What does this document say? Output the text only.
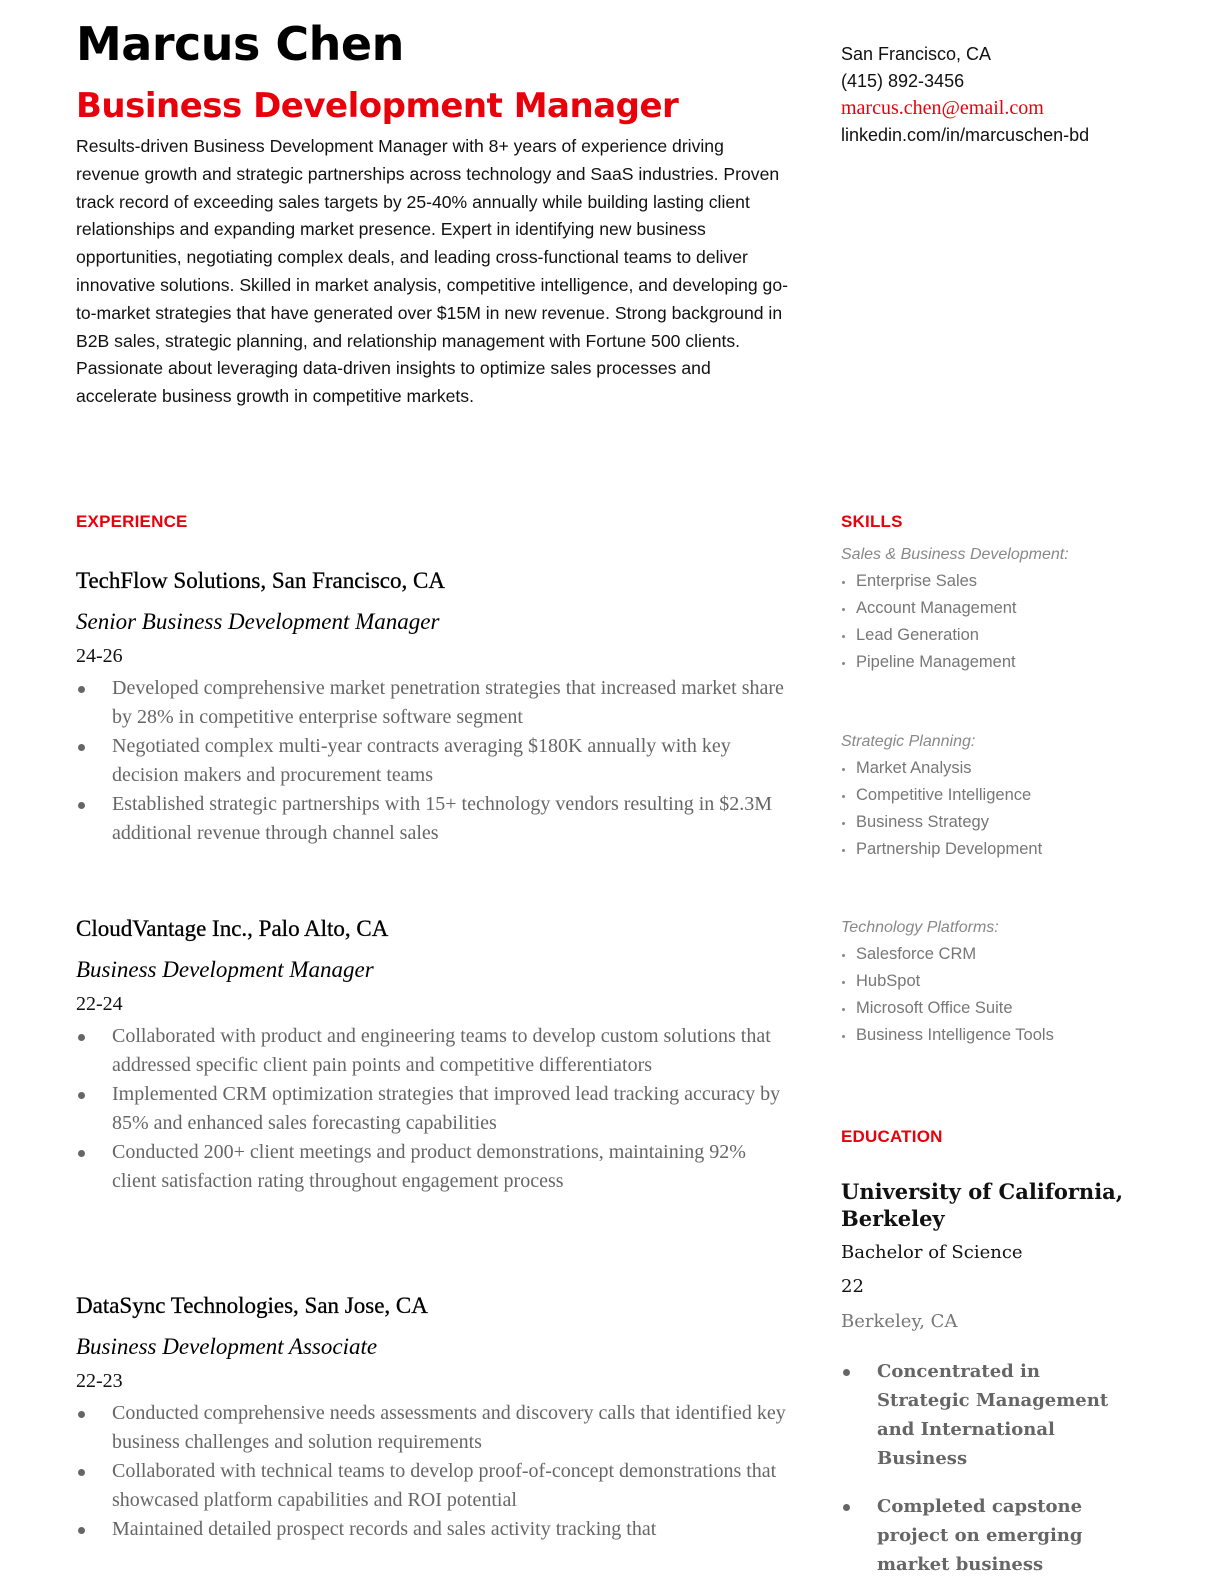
Marcus Chen
Business Development Manager

Results-driven Business Development Manager with 8+ years of experience driving revenue growth and strategic partnerships across technology and SaaS industries. Proven track record of exceeding sales targets by 25-40% annually while building lasting client relationships and expanding market presence. Expert in identifying new business opportunities, negotiating complex deals, and leading cross-functional teams to deliver innovative solutions. Skilled in market analysis, competitive intelligence, and developing go-to-market strategies that have generated over $15M in new revenue. Strong background in B2B sales, strategic planning, and relationship management with Fortune 500 clients. Passionate about leveraging data-driven insights to optimize sales processes and accelerate business growth in competitive markets.

EXPERIENCE
TechFlow Solutions, San Francisco, CA
Senior Business Development Manager
24-26
Developed comprehensive market penetration strategies that increased market share by 28% in competitive enterprise software segment
Negotiated complex multi-year contracts averaging $180K annually with key decision makers and procurement teams
Established strategic partnerships with 15+ technology vendors resulting in $2.3M additional revenue through channel sales
CloudVantage Inc., Palo Alto, CA
Business Development Manager
22-24
Collaborated with product and engineering teams to develop custom solutions that addressed specific client pain points and competitive differentiators
Implemented CRM optimization strategies that improved lead tracking accuracy by 85% and enhanced sales forecasting capabilities
Conducted 200+ client meetings and product demonstrations, maintaining 92% client satisfaction rating throughout engagement process
DataSync Technologies, San Jose, CA
Business Development Associate
22-23
Conducted comprehensive needs assessments and discovery calls that identified key business challenges and solution requirements
Collaborated with technical teams to develop proof-of-concept demonstrations that showcased platform capabilities and ROI potential
Maintained detailed prospect records and sales activity tracking that
San Francisco, CA
(415) 892-3456
marcus.chen@email.com
linkedin.com/in/marcuschen-bd
SKILLS
Sales & Business Development:
Enterprise Sales
Account Management
Lead Generation
Pipeline Management
Strategic Planning:
Market Analysis
Competitive Intelligence
Business Strategy
Partnership Development
Technology Platforms:
Salesforce CRM
HubSpot
Microsoft Office Suite
Business Intelligence Tools
EDUCATION
University of California, Berkeley
Bachelor of Science
22
Berkeley, CA
Concentrated in Strategic Management and International Business
Completed capstone project on emerging market business
